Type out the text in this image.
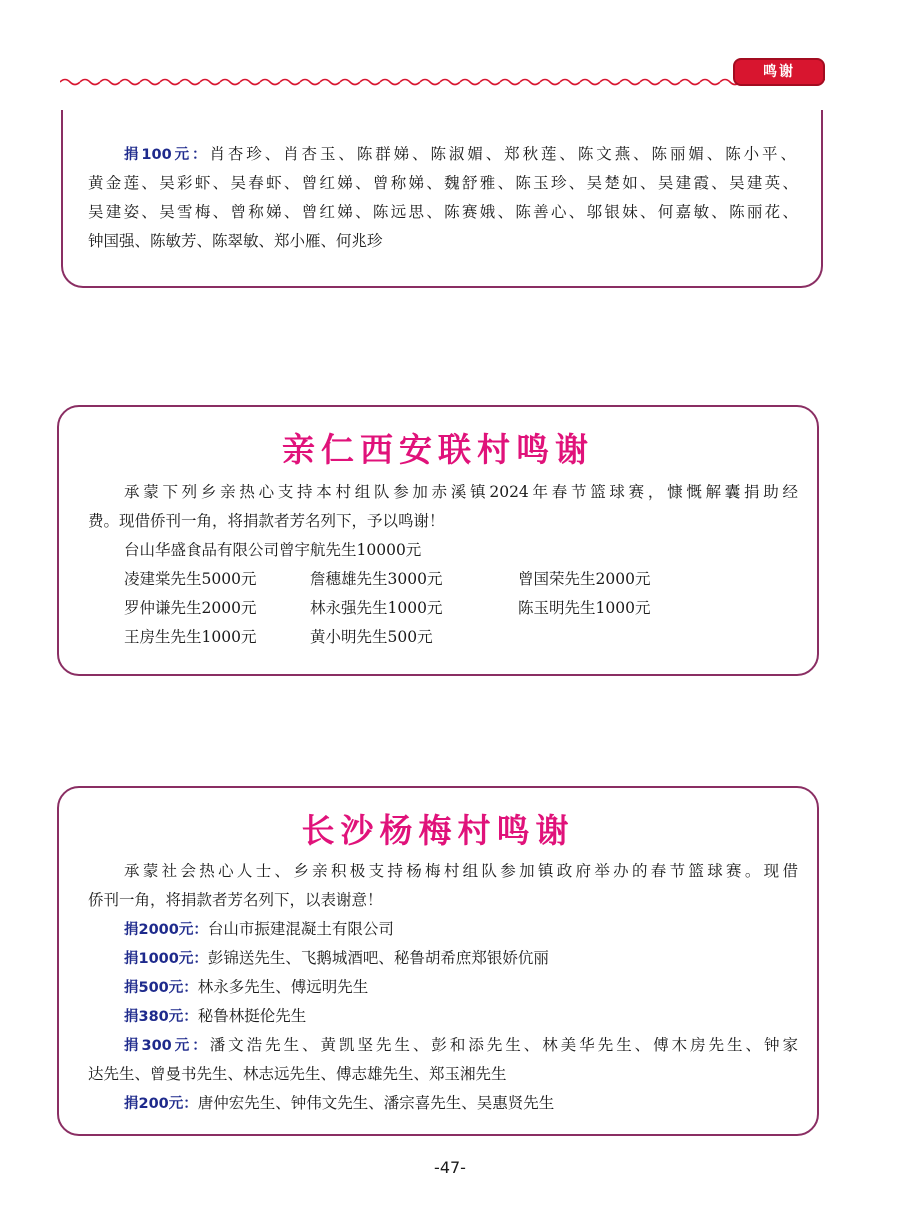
鸣谢
捐100元：肖杏珍、肖杏玉、陈群娣、陈淑媚、郑秋莲、陈文燕、陈丽媚、陈小平、
黄金莲、吴彩虾、吴春虾、曾红娣、曾称娣、魏舒雅、陈玉珍、吴楚如、吴建霞、吴建英、
吴建姿、吴雪梅、曾称娣、曾红娣、陈远思、陈赛娥、陈善心、邬银妹、何嘉敏、陈丽花、
钟国强、陈敏芳、陈翠敏、郑小雁、何兆珍
亲仁西安联村鸣谢
承蒙下列乡亲热心支持本村组队参加赤溪镇2024年春节篮球赛，慷慨解囊捐助经
费。现借侨刊一角，将捐款者芳名列下，予以鸣谢！
台山华盛食品有限公司曾宇航先生10000元
凌建棠先生5000元	詹穗雄先生3000元	曾国荣先生2000元
罗仲谦先生2000元	林永强先生1000元	陈玉明先生1000元
王房生先生1000元	黄小明先生500元
长沙杨梅村鸣谢
承蒙社会热心人士、乡亲积极支持杨梅村组队参加镇政府举办的春节篮球赛。现借
侨刊一角，将捐款者芳名列下，以表谢意！
捐2000元：台山市振建混凝土有限公司
捐1000元：彭锦送先生、飞鹅城酒吧、秘鲁胡希庶郑银娇伉丽
捐500元：林永多先生、傅远明先生
捐380元：秘鲁林挺伦先生
捐300元：潘文浩先生、黄凯坚先生、彭和添先生、林美华先生、傅木房先生、钟家
达先生、曾曼书先生、林志远先生、傅志雄先生、郑玉湘先生
捐200元：唐仲宏先生、钟伟文先生、潘宗喜先生、吴惠贤先生
-47-
